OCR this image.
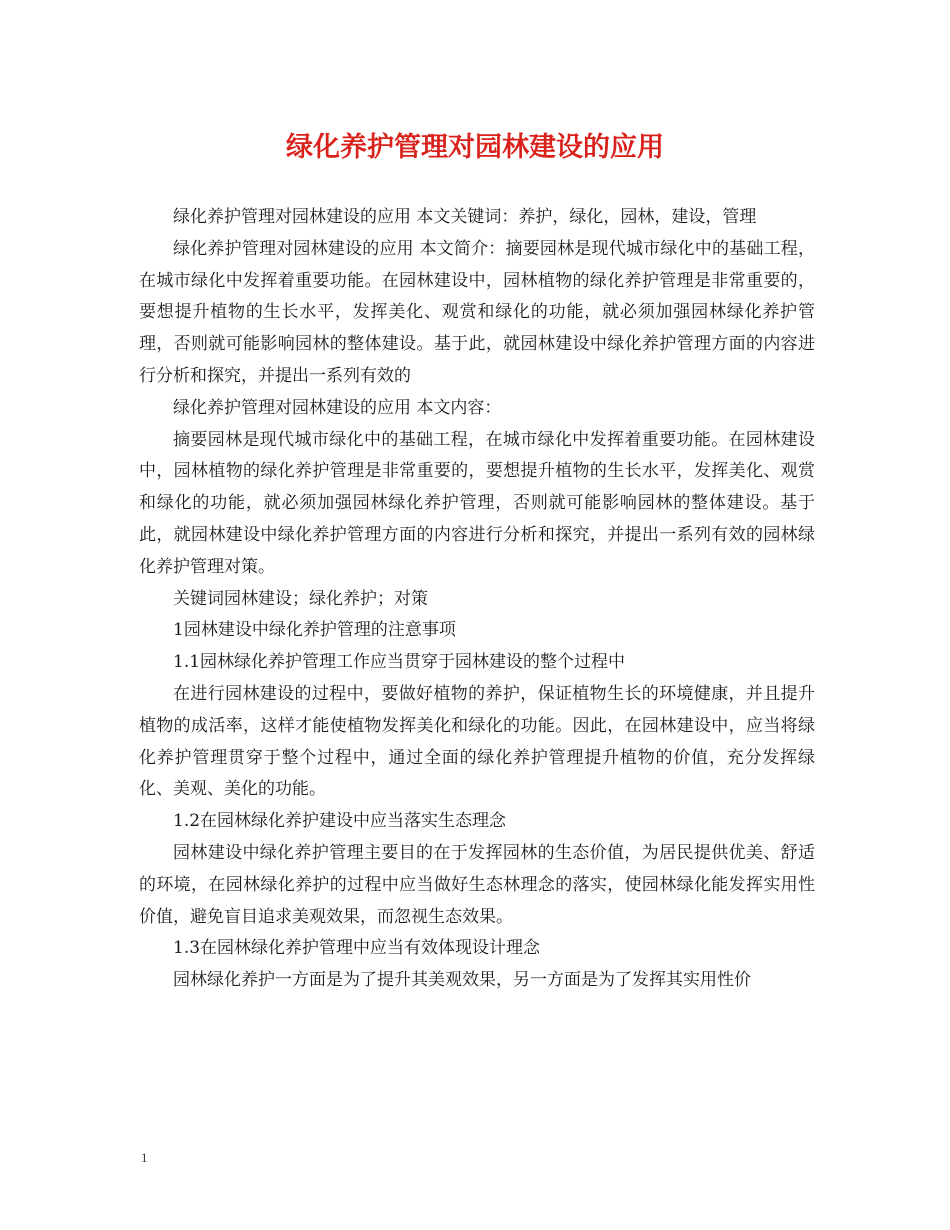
绿化养护管理对园林建设的应用

绿化养护管理对园林建设的应用 本文关键词：养护，绿化，园林，建设，管理

绿化养护管理对园林建设的应用 本文简介：摘要园林是现代城市绿化中的基础工程，在城市绿化中发挥着重要功能。在园林建设中，园林植物的绿化养护管理是非常重要的，要想提升植物的生长水平，发挥美化、观赏和绿化的功能，就必须加强园林绿化养护管理，否则就可能影响园林的整体建设。基于此，就园林建设中绿化养护管理方面的内容进行分析和探究，并提出一系列有效的

绿化养护管理对园林建设的应用 本文内容：

摘要园林是现代城市绿化中的基础工程，在城市绿化中发挥着重要功能。在园林建设中，园林植物的绿化养护管理是非常重要的，要想提升植物的生长水平，发挥美化、观赏和绿化的功能，就必须加强园林绿化养护管理，否则就可能影响园林的整体建设。基于此，就园林建设中绿化养护管理方面的内容进行分析和探究，并提出一系列有效的园林绿化养护管理对策。

关键词园林建设；绿化养护；对策

1园林建设中绿化养护管理的注意事项

1.1园林绿化养护管理工作应当贯穿于园林建设的整个过程中

在进行园林建设的过程中，要做好植物的养护，保证植物生长的环境健康，并且提升植物的成活率，这样才能使植物发挥美化和绿化的功能。因此，在园林建设中，应当将绿化养护管理贯穿于整个过程中，通过全面的绿化养护管理提升植物的价值，充分发挥绿化、美观、美化的功能。

1.2在园林绿化养护建设中应当落实生态理念

园林建设中绿化养护管理主要目的在于发挥园林的生态价值，为居民提供优美、舒适的环境，在园林绿化养护的过程中应当做好生态林理念的落实，使园林绿化能发挥实用性价值，避免盲目追求美观效果，而忽视生态效果。

1.3在园林绿化养护管理中应当有效体现设计理念

园林绿化养护一方面是为了提升其美观效果，另一方面是为了发挥其实用性价

1
